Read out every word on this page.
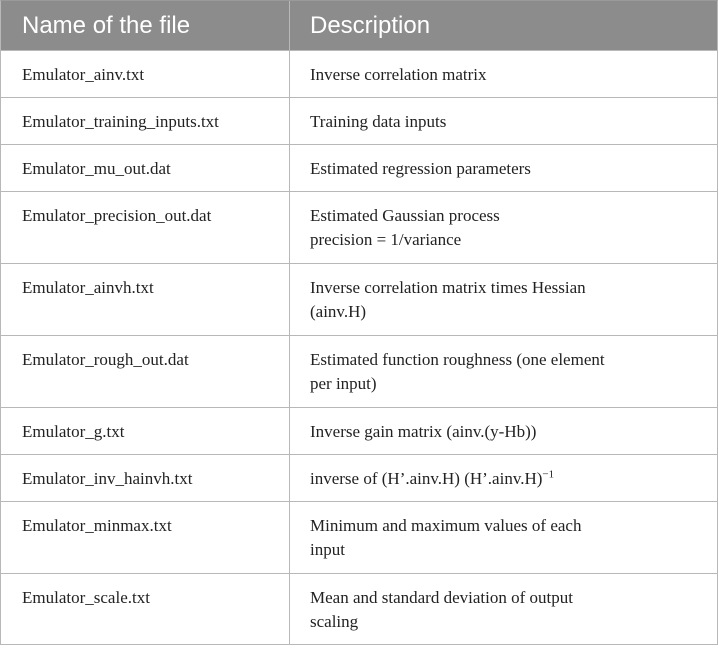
Name of the file	Description
Emulator_ainv.txt	Inverse correlation matrix
Emulator_training_inputs.txt	Training data inputs
Emulator_mu_out.dat	Estimated regression parameters
Emulator_precision_out.dat	Estimated Gaussian process
precision = 1/variance
Emulator_ainvh.txt	Inverse correlation matrix times Hessian
(ainv.H)
Emulator_rough_out.dat	Estimated function roughness (one element
per input)
Emulator_g.txt	Inverse gain matrix (ainv.(y-Hb))
Emulator_inv_hainvh.txt	inverse of (H’.ainv.H) (H’.ainv.H)$^{-1}$
Emulator_minmax.txt	Minimum and maximum values of each
input
Emulator_scale.txt	Mean and standard deviation of output
scaling
